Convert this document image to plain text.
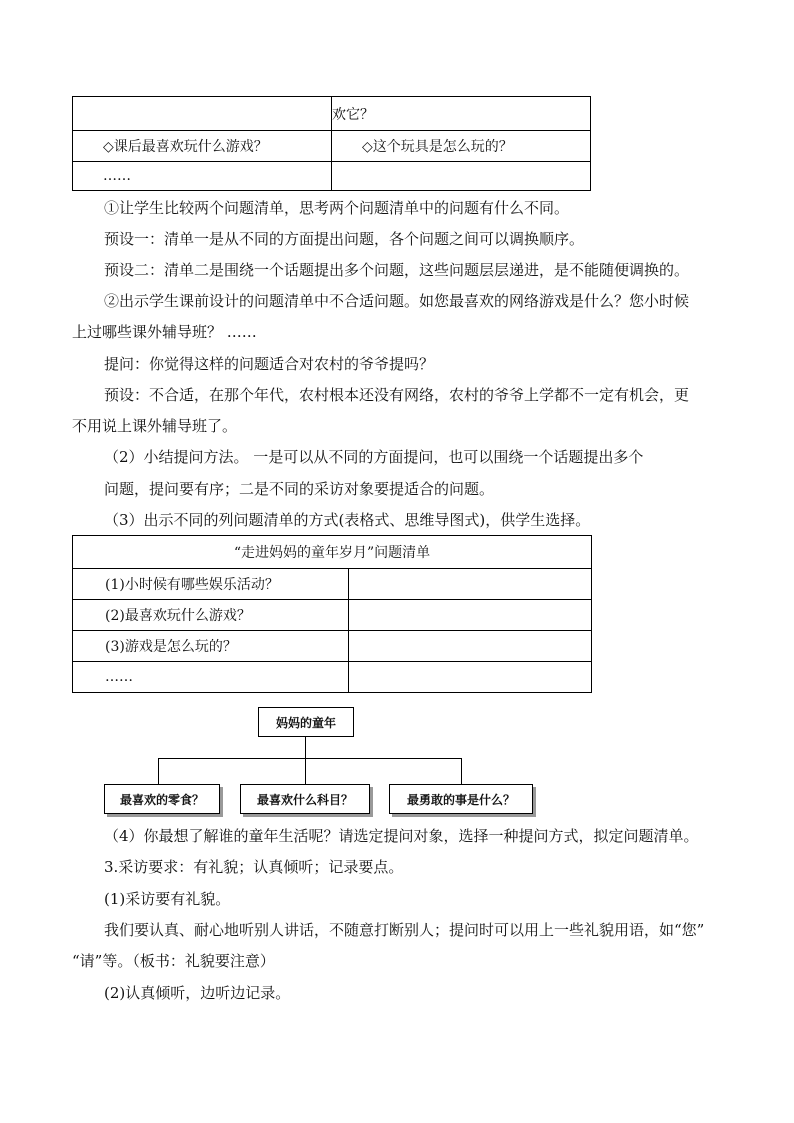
	欢它？
◇课后最喜欢玩什么游戏？	◇这个玩具是怎么玩的？
……	
①让学生比较两个问题清单，思考两个问题清单中的问题有什么不同。
预设一：清单一是从不同的方面提出问题，各个问题之间可以调换顺序。
预设二：清单二是围绕一个话题提出多个问题，这些问题层层递进，是不能随便调换的。
②出示学生课前设计的问题清单中不合适问题。如您最喜欢的网络游戏是什么？您小时候
上过哪些课外辅导班？ ……
提问：你觉得这样的问题适合对农村的爷爷提吗？
预设：不合适，在那个年代，农村根本还没有网络，农村的爷爷上学都不一定有机会，更
不用说上课外辅导班了。
（2）小结提问方法。 一是可以从不同的方面提问，也可以围绕一个话题提出多个
问题，提问要有序；二是不同的采访对象要提适合的问题。
（3）出示不同的列问题清单的方式(表格式、思维导图式)，供学生选择。
“走进妈妈的童年岁月”问题清单	
(1)小时候有哪些娱乐活动？	
(2)最喜欢玩什么游戏？	
(3)游戏是怎么玩的？	
……	
妈妈的童年
最喜欢的零食？	最喜欢什么科目？	最勇敢的事是什么？
（4）你最想了解谁的童年生活呢？请选定提问对象，选择一种提问方式，拟定问题清单。
3.采访要求：有礼貌；认真倾听；记录要点。
(1)采访要有礼貌。
我们要认真、耐心地听别人讲话，不随意打断别人；提问时可以用上一些礼貌用语，如“您”
“请”等。（板书：礼貌要注意）
(2)认真倾听，边听边记录。
